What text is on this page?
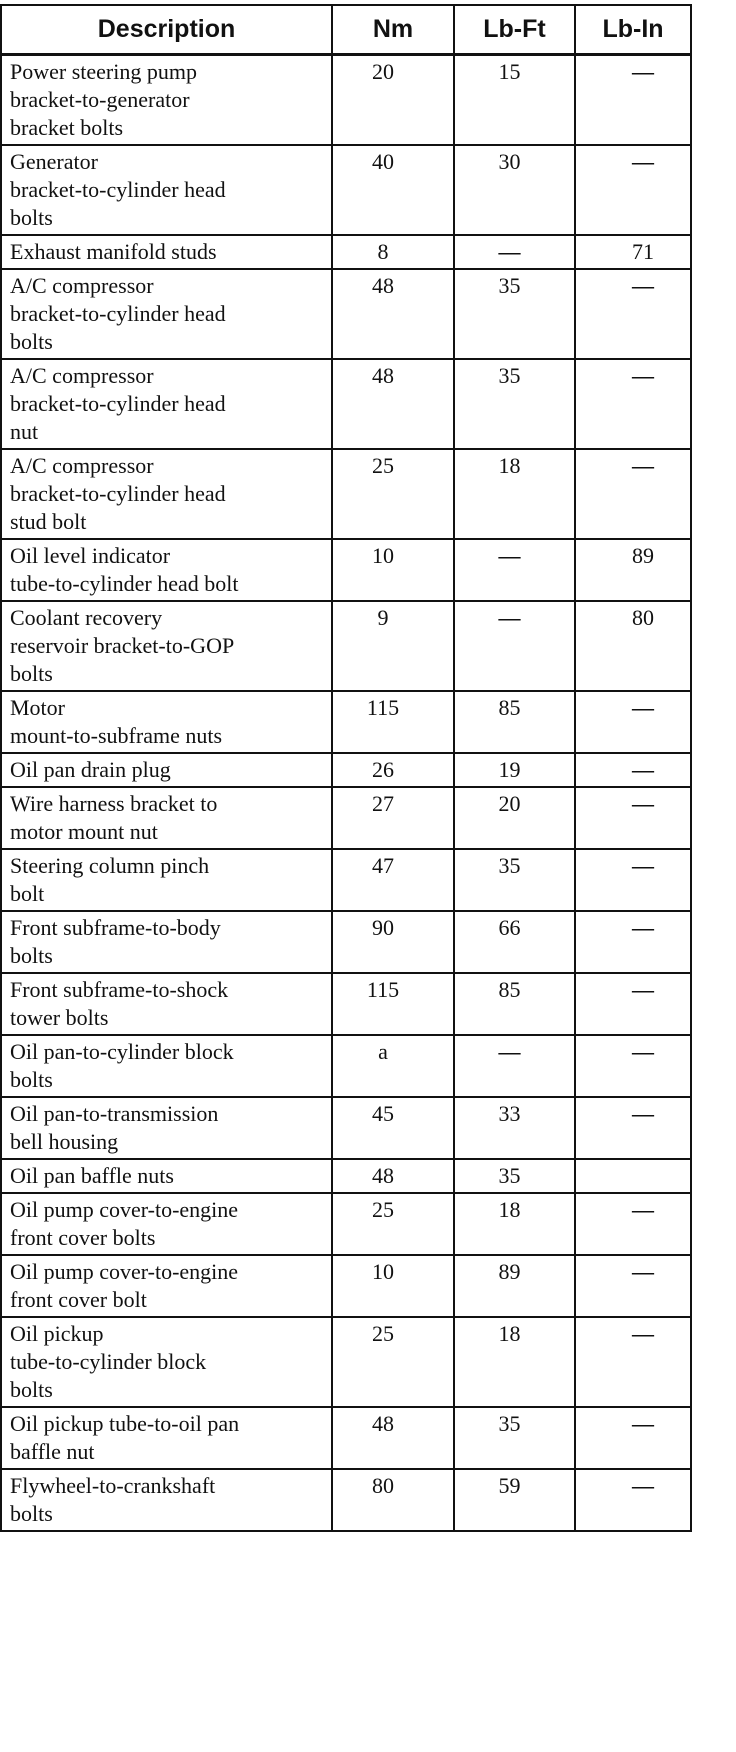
Description	Nm	Lb-Ft	Lb-In
Power steering pump
bracket-to-generator
bracket bolts	20	15	—
Generator
bracket-to-cylinder head
bolts	40	30	—
Exhaust manifold studs	8	—	71
A/C compressor
bracket-to-cylinder head
bolts	48	35	—
A/C compressor
bracket-to-cylinder head
nut	48	35	—
A/C compressor
bracket-to-cylinder head
stud bolt	25	18	—
Oil level indicator
tube-to-cylinder head bolt	10	—	89
Coolant recovery
reservoir bracket-to-GOP
bolts	9	—	80
Motor
mount-to-subframe nuts	115	85	—
Oil pan drain plug	26	19	—
Wire harness bracket to
motor mount nut	27	20	—
Steering column pinch
bolt	47	35	—
Front subframe-to-body
bolts	90	66	—
Front subframe-to-shock
tower bolts	115	85	—
Oil pan-to-cylinder block
bolts	a	—	—
Oil pan-to-transmission
bell housing	45	33	—
Oil pan baffle nuts	48	35	
Oil pump cover-to-engine
front cover bolts	25	18	—
Oil pump cover-to-engine
front cover bolt	10	89	—
Oil pickup
tube-to-cylinder block
bolts	25	18	—
Oil pickup tube-to-oil pan
baffle nut	48	35	—
Flywheel-to-crankshaft
bolts	80	59	—
